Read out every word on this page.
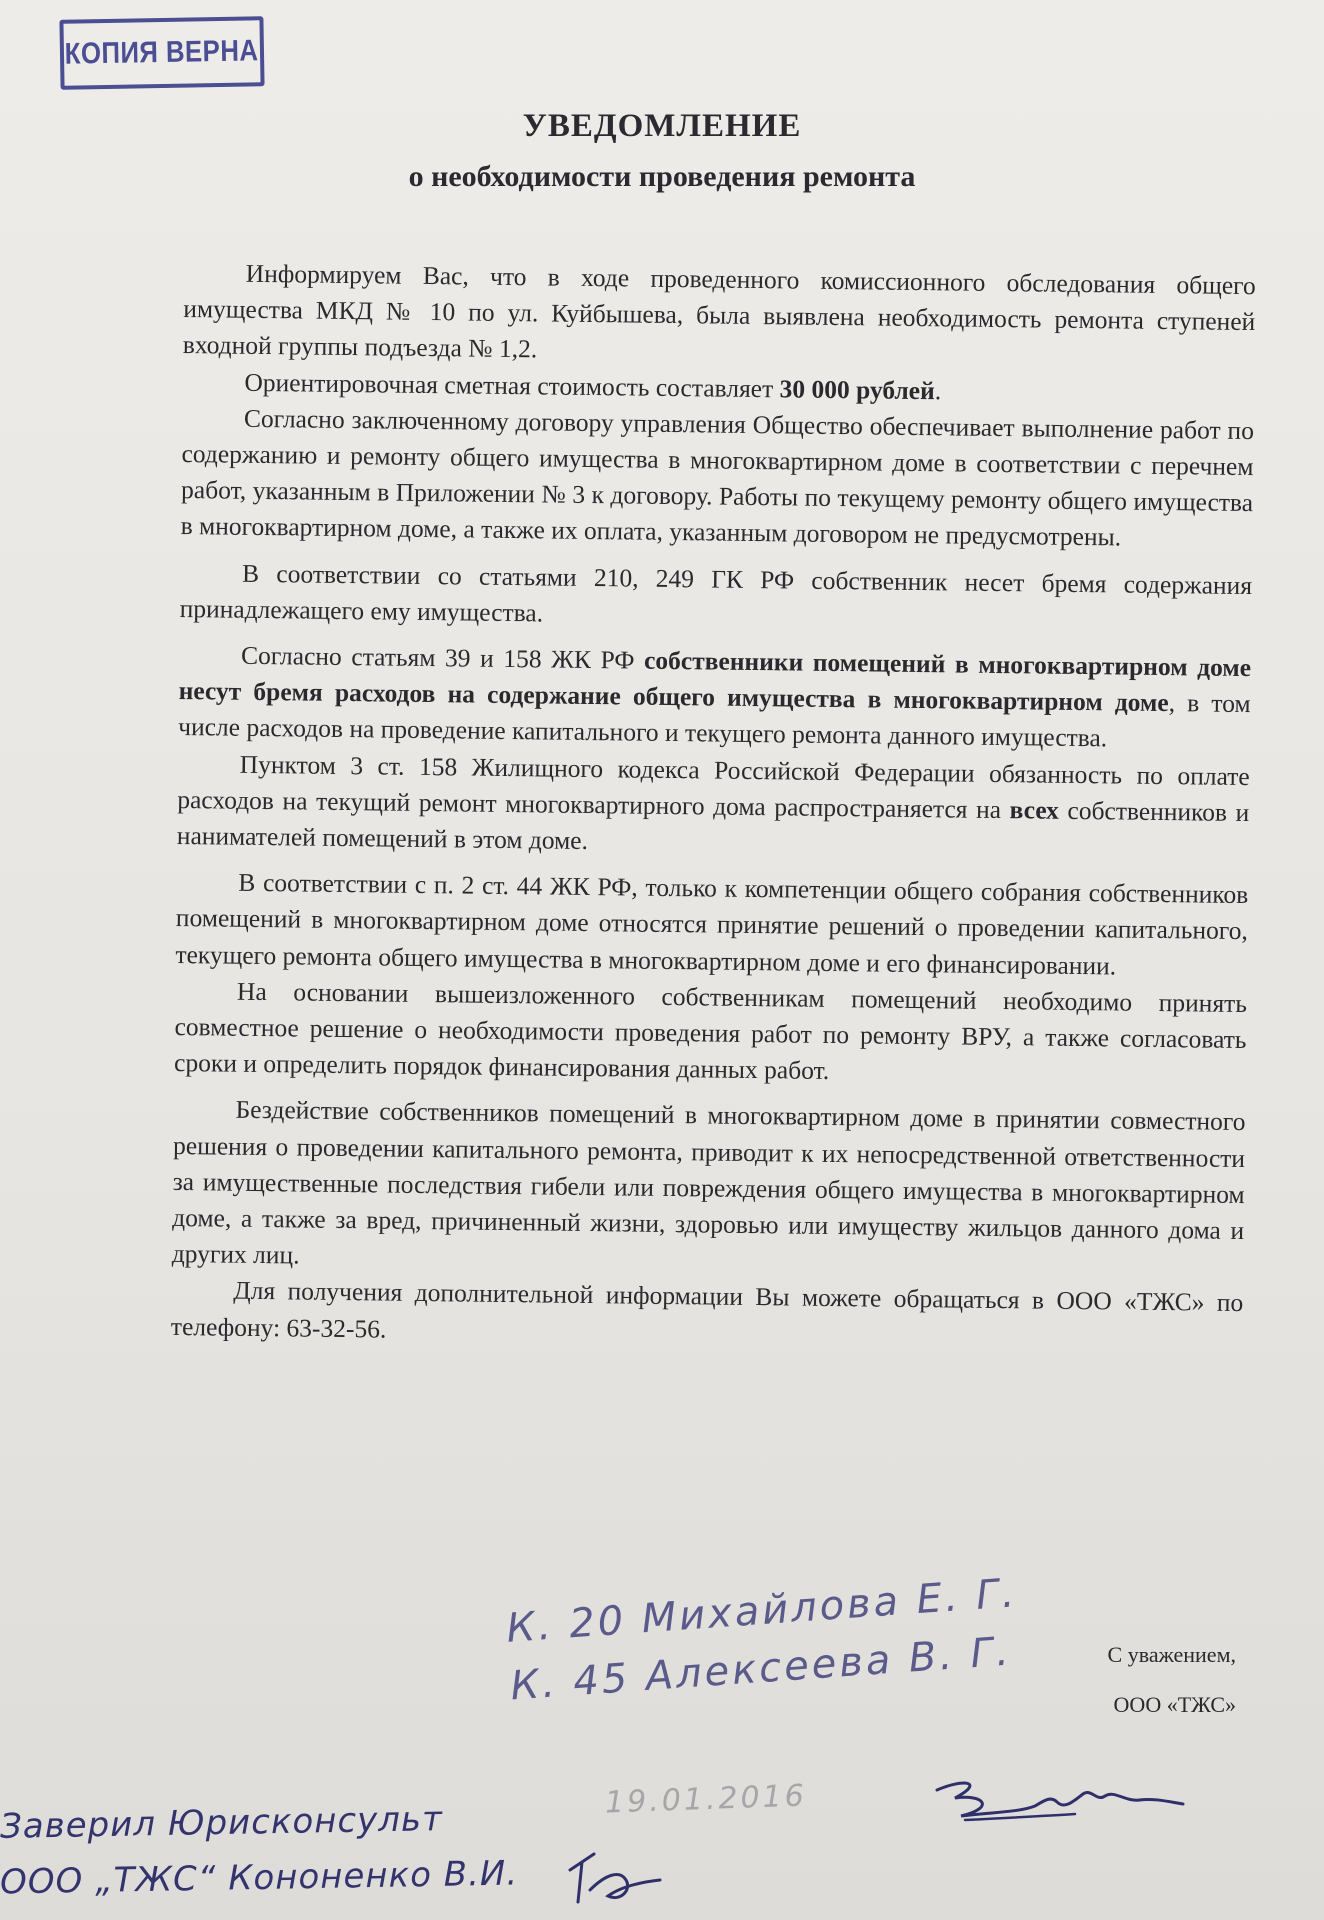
КОПИЯ ВЕРНА
УВЕДОМЛЕНИЕ
о необходимости проведения ремонта

Информируем Вас, что в ходе проведенного комиссионного обследования общего имущества МКД № 10 по ул. Куйбышева, была выявлена необходимость ремонта ступеней входной группы подъезда № 1,2.

Ориентировочная сметная стоимость составляет 30 000 рублей.

Согласно заключенному договору управления Общество обеспечивает выполнение работ по содержанию и ремонту общего имущества в многоквартирном доме в соответствии с перечнем работ, указанным в Приложении № 3 к договору. Работы по текущему ремонту общего имущества в многоквартирном доме, а также их оплата, указанным договором не предусмотрены.

В соответствии со статьями 210, 249 ГК РФ собственник несет бремя содержания принадлежащего ему имущества.

Согласно статьям 39 и 158 ЖК РФ собственники помещений в многоквартирном доме несут бремя расходов на содержание общего имущества в многоквартирном доме, в том числе расходов на проведение капитального и текущего ремонта данного имущества.

Пунктом 3 ст. 158 Жилищного кодекса Российской Федерации обязанность по оплате расходов на текущий ремонт многоквартирного дома распространяется на всех собственников и нанимателей помещений в этом доме.

В соответствии с п. 2 ст. 44 ЖК РФ, только к компетенции общего собрания собственников помещений в многоквартирном доме относятся принятие решений о проведении капитального, текущего ремонта общего имущества в многоквартирном доме и его финансировании.

На основании вышеизложенного собственникам помещений необходимо принять совместное решение о необходимости проведения работ по ремонту ВРУ, а также согласовать сроки и определить порядок финансирования данных работ.

Бездействие собственников помещений в многоквартирном доме в принятии совместного решения о проведении капитального ремонта, приводит к их непосредственной ответственности за имущественные последствия гибели или повреждения общего имущества в многоквартирном доме, а также за вред, причиненный жизни, здоровью или имуществу жильцов данного дома и других лиц.

Для получения дополнительной информации Вы можете обращаться в ООО «ТЖС» по телефону: 63-32-56.

К. 20 Михайлова Е. Г.
К. 45 Алексеева В. Г.	С уважением,
ООО «ТЖС»
19.01.2016
Заверил Юрисконсульт
ООО „ТЖС“ Кононенко В.И.
